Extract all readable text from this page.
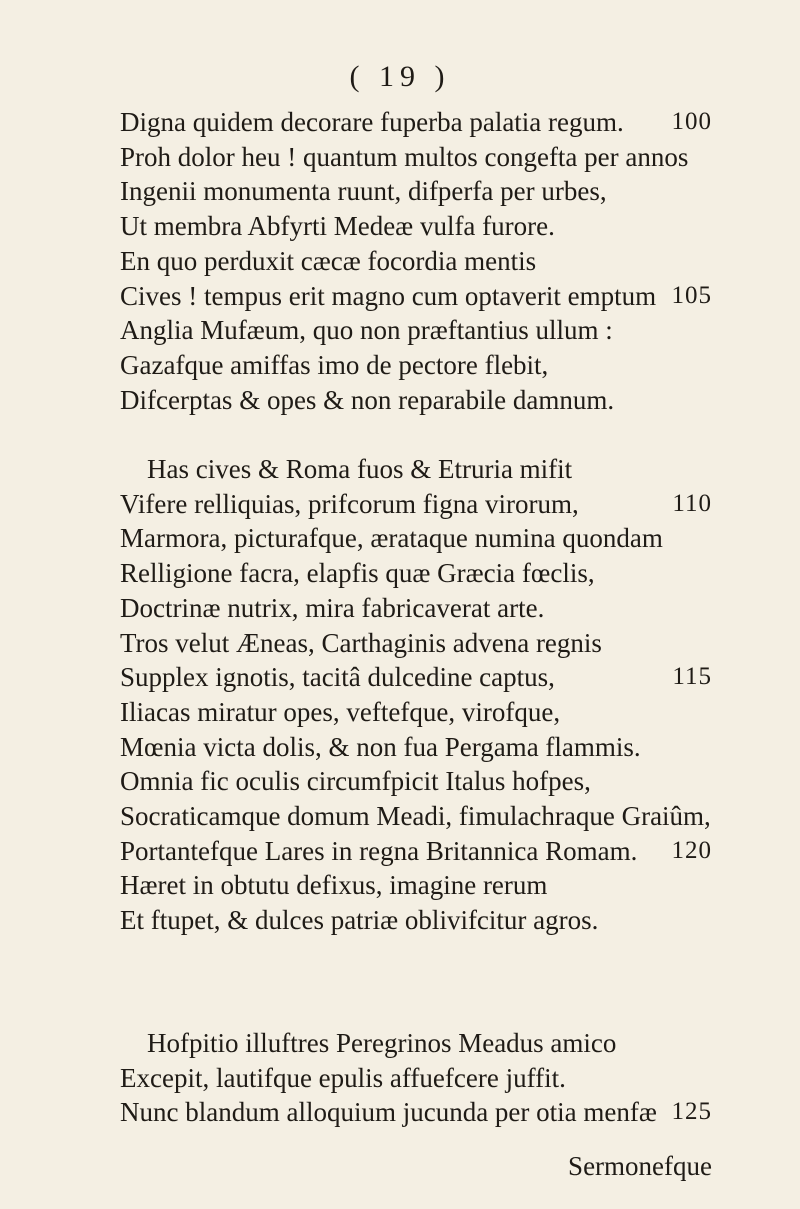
( 19 )
Digna quidem decorare fuperba palatia regum. 100
Proh dolor heu ! quantum multos congefta per annos
Ingenii monumenta ruunt, difperfa per urbes,
Ut membra Abfyrti Medeæ vulfa furore.
En quo perduxit cæcæ focordia mentis
Cives ! tempus erit magno cum optaverit emptum 105
Anglia Mufæum, quo non præftantius ullum :
Gazafque amiffas imo de pectore flebit,
Difcerptas & opes & non reparabile damnum.
Has cives & Roma fuos & Etruria mifit
Vifere relliquias, prifcorum figna virorum,	110
Marmora, picturafque, ærataque numina quondam
Relligione facra, elapfis quæ Græcia fœclis,
Doctrinæ nutrix, mira fabricaverat arte.
Tros velut Æneas, Carthaginis advena regnis
Supplex ignotis, tacitâ dulcedine captus,	115
Iliacas miratur opes, veftefque, virofque,
Mœnia victa dolis, & non fua Pergama flammis.
Omnia fic oculis circumfpicit Italus hofpes,
Socraticamque domum Meadi, fimulachraque Graiûm,
Portantefque Lares in regna Britannica Romam. 120
Hæret in obtutu defixus, imagine rerum
Et ftupet, & dulces patriæ oblivifcitur agros.
Hofpitio illuftres Peregrinos Meadus amico
Excepit, lautifque epulis affuefcere juffit.
Nunc blandum alloquium jucunda per otia menfæ 125
Sermonefque
